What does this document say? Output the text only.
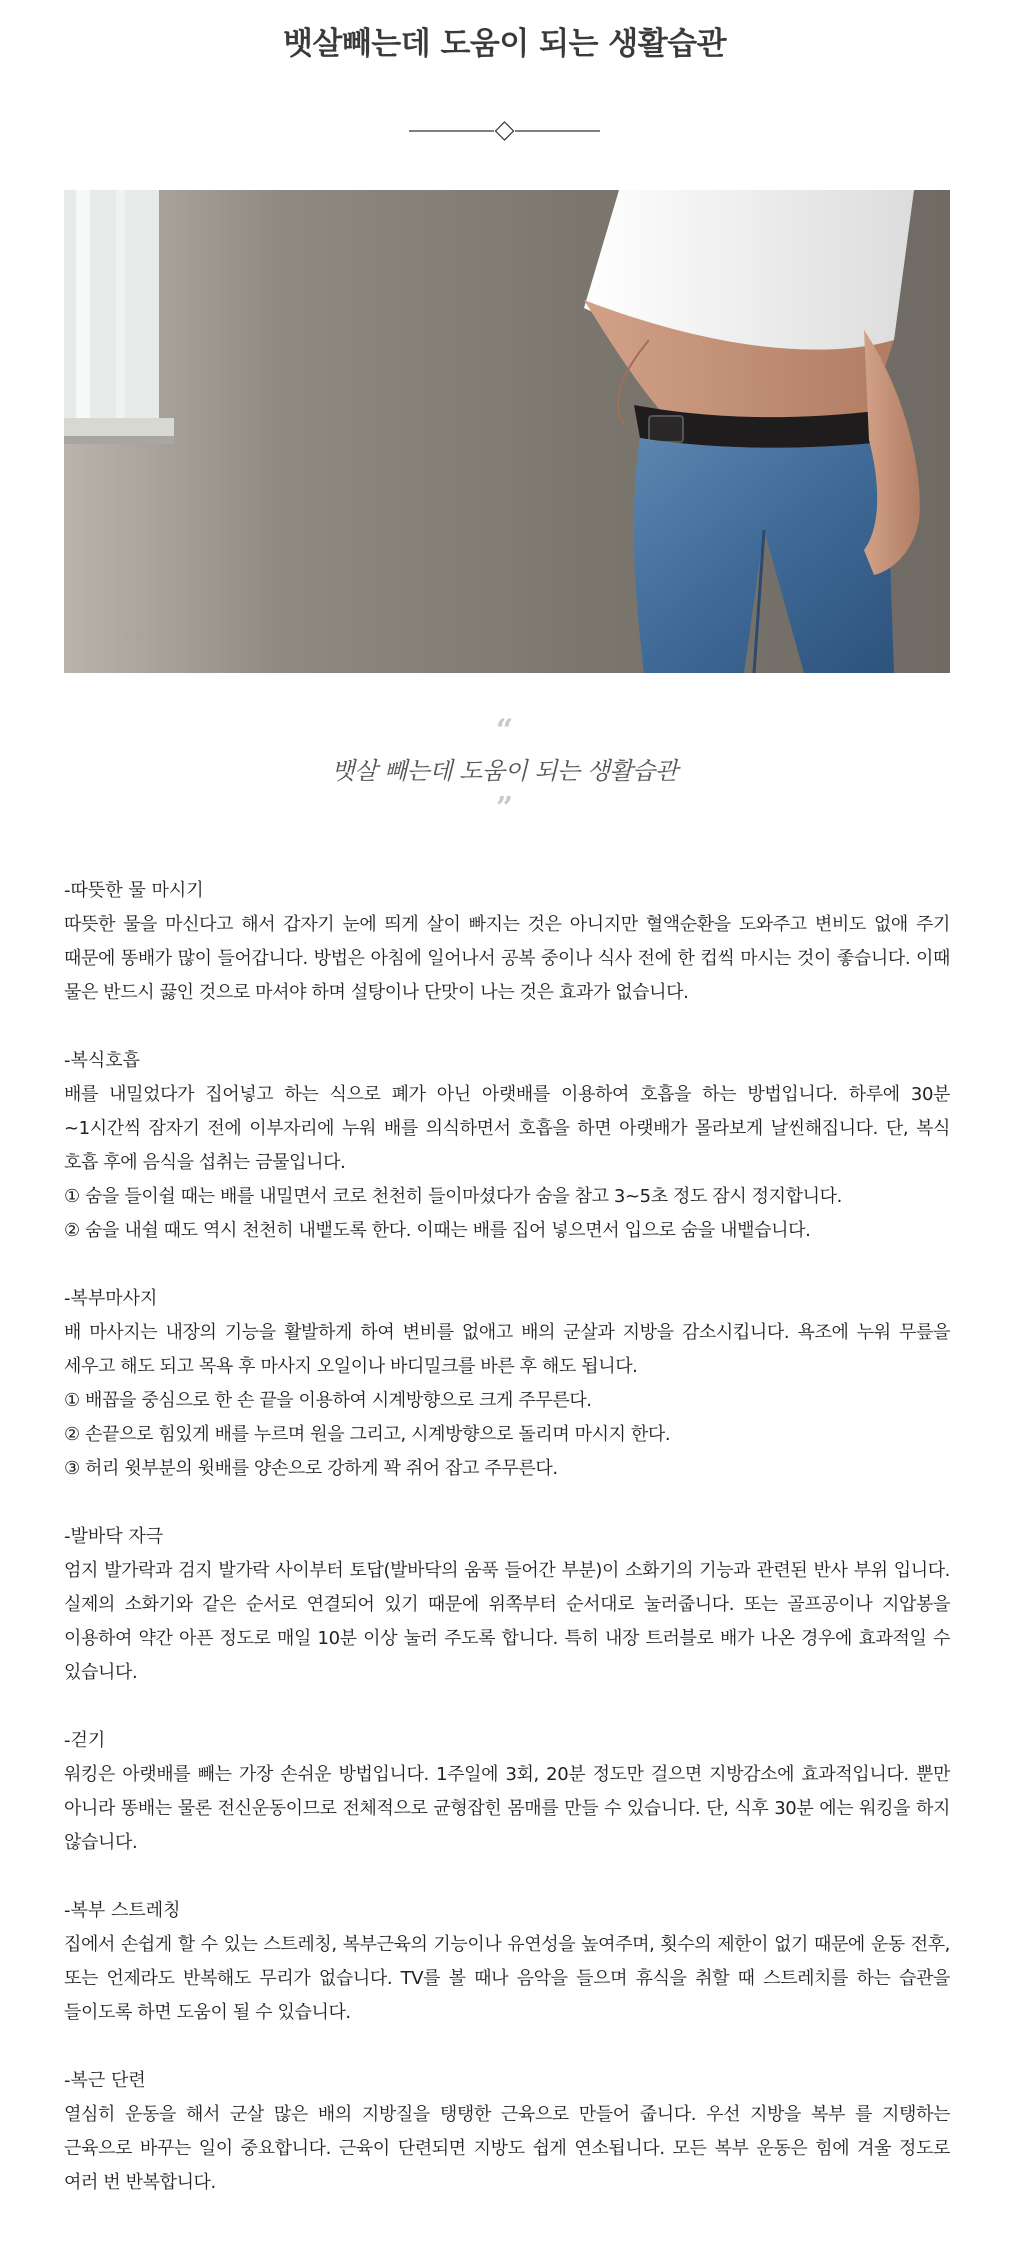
뱃살빼는데 도움이 되는 생활습관
“
뱃살 빼는데 도움이 되는 생활습관
”
-따뜻한 물 마시기

따뜻한 물을 마신다고 해서 갑자기 눈에 띄게 살이 빠지는 것은 아니지만 혈액순환을 도와주고 변비도 없애 주기 때문에 똥배가 많이 들어갑니다. 방법은 아침에 일어나서 공복 중이나 식사 전에 한 컵씩 마시는 것이 좋습니다. 이때 물은 반드시 끓인 것으로 마셔야 하며 설탕이나 단맛이 나는 것은 효과가 없습니다.

-복식호흡

배를 내밀었다가 집어넣고 하는 식으로 폐가 아닌 아랫배를 이용하여 호흡을 하는 방법입니다. 하루에 30분~1시간씩 잠자기 전에 이부자리에 누워 배를 의식하면서 호흡을 하면 아랫배가 몰라보게 날씬해집니다. 단, 복식 호흡 후에 음식을 섭취는 금물입니다.

① 숨을 들이쉴 때는 배를 내밀면서 코로 천천히 들이마셨다가 숨을 참고 3~5초 정도 잠시 정지합니다.

② 숨을 내쉴 때도 역시 천천히 내뱉도록 한다. 이때는 배를 집어 넣으면서 입으로 숨을 내뱉습니다.

-복부마사지

배 마사지는 내장의 기능을 활발하게 하여 변비를 없애고 배의 군살과 지방을 감소시킵니다. 욕조에 누워 무릎을 세우고 해도 되고 목욕 후 마사지 오일이나 바디밀크를 바른 후 해도 됩니다.

① 배꼽을 중심으로 한 손 끝을 이용하여 시계방향으로 크게 주무른다.

② 손끝으로 힘있게 배를 누르며 원을 그리고, 시계방향으로 돌리며 마시지 한다.

③ 허리 윗부분의 윗배를 양손으로 강하게 꽉 쥐어 잡고 주무른다.

-발바닥 자극

엄지 발가락과 검지 발가락 사이부터 토답(발바닥의 움푹 들어간 부분)이 소화기의 기능과 관련된 반사 부위 입니다. 실제의 소화기와 같은 순서로 연결되어 있기 때문에 위쪽부터 순서대로 눌러줍니다. 또는 골프공이나 지압봉을 이용하여 약간 아픈 정도로 매일 10분 이상 눌러 주도록 합니다. 특히 내장 트러블로 배가 나온 경우에 효과적일 수 있습니다.

-걷기

워킹은 아랫배를 빼는 가장 손쉬운 방법입니다. 1주일에 3회, 20분 정도만 걸으면 지방감소에 효과적입니다. 뿐만 아니라 똥배는 물론 전신운동이므로 전체적으로 균형잡힌 몸매를 만들 수 있습니다. 단, 식후 30분 에는 워킹을 하지 않습니다.

-복부 스트레칭

집에서 손쉽게 할 수 있는 스트레칭, 복부근육의 기능이나 유연성을 높여주며, 횟수의 제한이 없기 때문에 운동 전후, 또는 언제라도 반복해도 무리가 없습니다. TV를 볼 때나 음악을 들으며 휴식을 취할 때 스트레치를 하는 습관을 들이도록 하면 도움이 될 수 있습니다.

-복근 단련

열심히 운동을 해서 군살 많은 배의 지방질을 탱탱한 근육으로 만들어 줍니다. 우선 지방을 복부 를 지탱하는 근육으로 바꾸는 일이 중요합니다. 근육이 단련되면 지방도 쉽게 연소됩니다. 모든 복부 운동은 힘에 겨울 정도로 여러 번 반복합니다.
